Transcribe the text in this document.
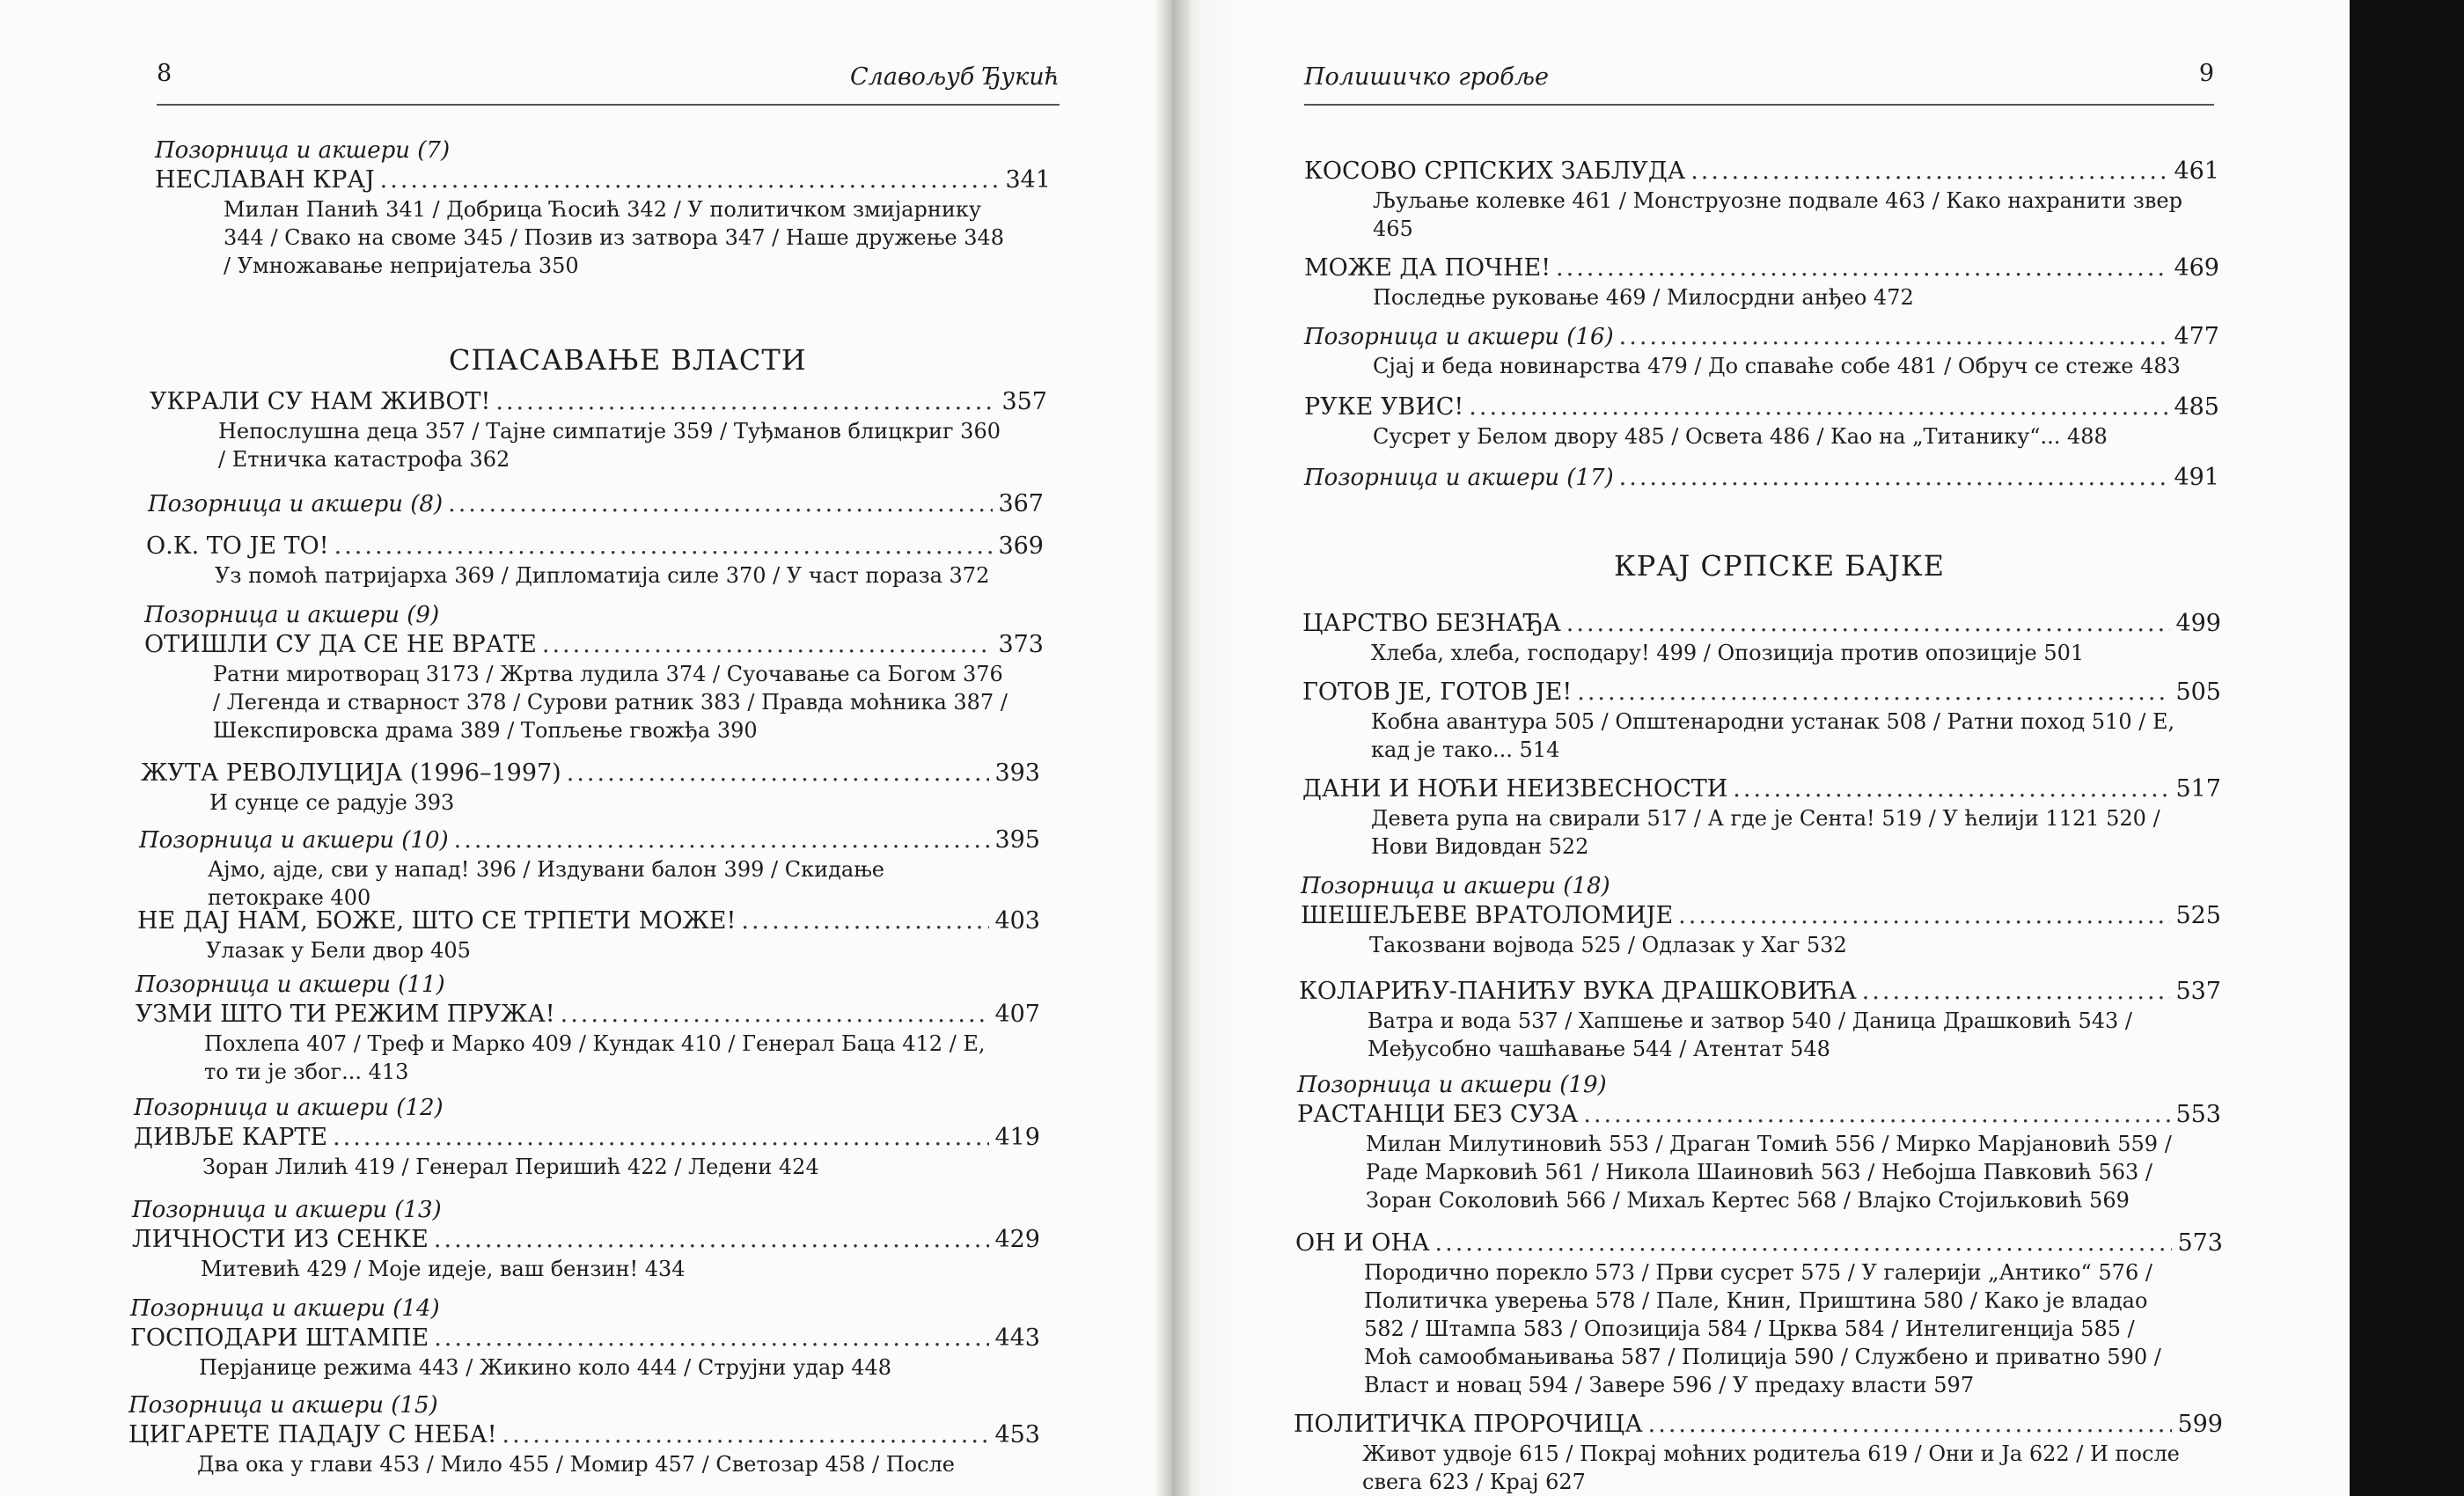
8	Славољуб Ђукић
Позорница и акшери (7)
НЕСЛАВАН КРАЈ .....	341
Милан Панић 341 / Добрица Ћосић 342 / У политичком змијарнику 344 / Свако на своме 345 / Позив из затвора 347 / Наше дружење 348 / Умножавање непријатеља 350
СПАСАВАЊЕ ВЛАСТИ
УКРАЛИ СУ НАМ ЖИВОТ! .....	357
Непослушна деца 357 / Тајне симпатије 359 / Туђманов блицкриг 360 / Етничка катастрофа 362
Позорница и акшери (8) .....	367
О.К. ТО ЈЕ ТО! .....	369
Уз помоћ патријарха 369 / Дипломатија силе 370 / У част пораза 372
Позорница и акшери (9)
ОТИШЛИ СУ ДА СЕ НЕ ВРАТЕ .....	373
Ратни миротворац 3173 / Жртва лудила 374 / Суочавање са Богом 376 / Легенда и стварност 378 / Сурови ратник 383 / Правда моћника 387 / Шекспировска драма 389 / Топљење гвожђа 390
ЖУТА РЕВОЛУЦИЈА (1996–1997) .....	393
И сунце се радује 393
Позорница и акшери (10) .....	395
Ајмо, ајде, сви у напад! 396 / Издувани балон 399 / Скидање петокраке 400
НЕ ДАЈ НАМ, БОЖЕ, ШТО СЕ ТРПЕТИ МОЖЕ! .....	403
Улазак у Бели двор 405
Позорница и акшери (11)
УЗМИ ШТО ТИ РЕЖИМ ПРУЖА! .....	407
Похлепа 407 / Треф и Марко 409 / Кундак 410 / Генерал Баца 412 / Е, то ти је због... 413
Позорница и акшери (12)
ДИВЉЕ КАРТЕ .....	419
Зоран Лилић 419 / Генерал Перишић 422 / Ледени 424
Позорница и акшери (13)
ЛИЧНОСТИ ИЗ СЕНКЕ .....	429
Митевић 429 / Моје идеје, ваш бензин! 434
Позорница и акшери (14)
ГОСПОДАРИ ШТАМПЕ .....	443
Перјанице режима 443 / Жикино коло 444 / Струјни удар 448
Позорница и акшери (15)
ЦИГАРЕТЕ ПАДАЈУ С НЕБА! .....	453
Два ока у глави 453 / Мило 455 / Момир 457 / Светозар 458 / После
Полишичко гробље	9
КОСОВО СРПСКИХ ЗАБЛУДА .....	461
Љуљање колевке 461 / Монструозне подвале 463 / Како нахранити звер 465
МОЖЕ ДА ПОЧНЕ! .....	469
Последње руковање 469 / Милосрдни анђео 472
Позорница и акшери (16) .....	477
Сјај и беда новинарства 479 / До спаваће собе 481 / Обруч се стеже 483
РУКЕ УВИС! .....	485
Сусрет у Белом двору 485 / Освета 486 / Као на „Титанику“... 488
Позорница и акшери (17) .....	491
КРАЈ СРПСКЕ БАЈКЕ
ЦАРСТВО БЕЗНАЂА .....	499
Хлеба, хлеба, господару! 499 / Опозиција против опозиције 501
ГОТОВ ЈЕ, ГОТОВ ЈЕ! .....	505
Кобна авантура 505 / Општенародни устанак 508 / Ратни поход 510 / Е, кад је тако... 514
ДАНИ И НОЋИ НЕИЗВЕСНОСТИ .....	517
Девета рупа на свирали 517 / А где је Сента! 519 / У ћелији 1121 520 / Нови Видовдан 522
Позорница и акшери (18)
ШЕШЕЉЕВЕ ВРАТОЛОМИЈЕ .....	525
Такозвани војвода 525 / Одлазак у Хаг 532
КОЛАРИЋУ-ПАНИЋУ ВУКА ДРАШКОВИЋА .....	537
Ватра и вода 537 / Хапшење и затвор 540 / Даница Драшковић 543 / Међусобно чашћавање 544 / Атентат 548
Позорница и акшери (19)
РАСТАНЦИ БЕЗ СУЗА .....	553
Милан Милутиновић 553 / Драган Томић 556 / Мирко Марјановић 559 / Раде Марковић 561 / Никола Шаиновић 563 / Небојша Павковић 563 / Зоран Соколовић 566 / Михаљ Кертес 568 / Влајко Стојиљковић 569
ОН И ОНА .....	573
Породично порекло 573 / Први сусрет 575 / У галерији „Антико“ 576 / Политичка уверења 578 / Пале, Книн, Приштина 580 / Како је владао 582 / Штампа 583 / Опозиција 584 / Црква 584 / Интелигенција 585 / Моћ самообмањивања 587 / Полиција 590 / Службено и приватно 590 / Власт и новац 594 / Завере 596 / У предаху власти 597
ПОЛИТИЧКА ПРОРОЧИЦА .....	599
Живот удвоје 615 / Покрај моћних родитеља 619 / Они и Ја 622 / И после свега 623 / Крај 627
